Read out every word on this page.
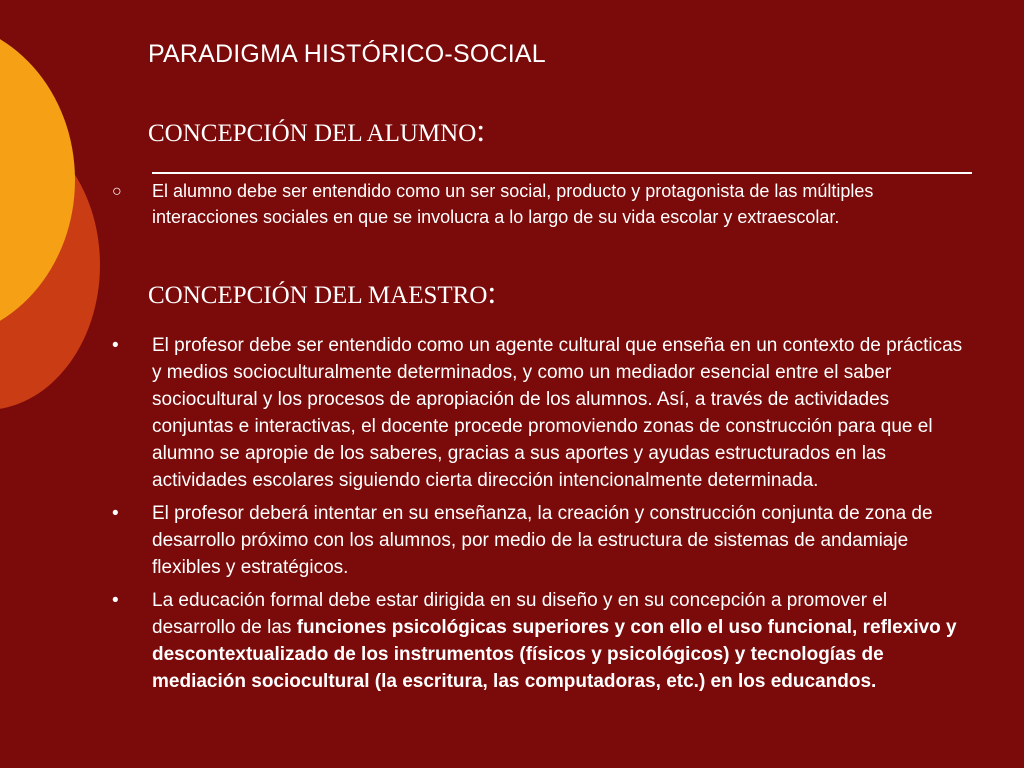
PARADIGMA HISTÓRICO-SOCIAL
CONCEPCIÓN DEL ALUMNO:
○ El alumno debe ser entendido como un ser social, producto y protagonista de las múltiples interacciones sociales en que se involucra a lo largo de su vida escolar y extraescolar.
CONCEPCIÓN DEL MAESTRO:
• El profesor debe ser entendido como un agente cultural que enseña en un contexto de prácticas y medios socioculturalmente determinados, y como un mediador esencial entre el saber sociocultural y los procesos de apropiación de los alumnos. Así, a través de actividades conjuntas e interactivas, el docente procede promoviendo zonas de construcción para que el alumno se apropie de los saberes, gracias a sus aportes y ayudas estructurados en las actividades escolares siguiendo cierta dirección intencionalmente determinada.
• El profesor deberá intentar en su enseñanza, la creación y construcción conjunta de zona de desarrollo próximo con los alumnos, por medio de la estructura de sistemas de andamiaje flexibles y estratégicos.
• La educación formal debe estar dirigida en su diseño y en su concepción a promover el desarrollo de las funciones psicológicas superiores y con ello el uso funcional, reflexivo y descontextualizado de los instrumentos (físicos y psicológicos) y tecnologías de mediación sociocultural (la escritura, las computadoras, etc.) en los educandos.
